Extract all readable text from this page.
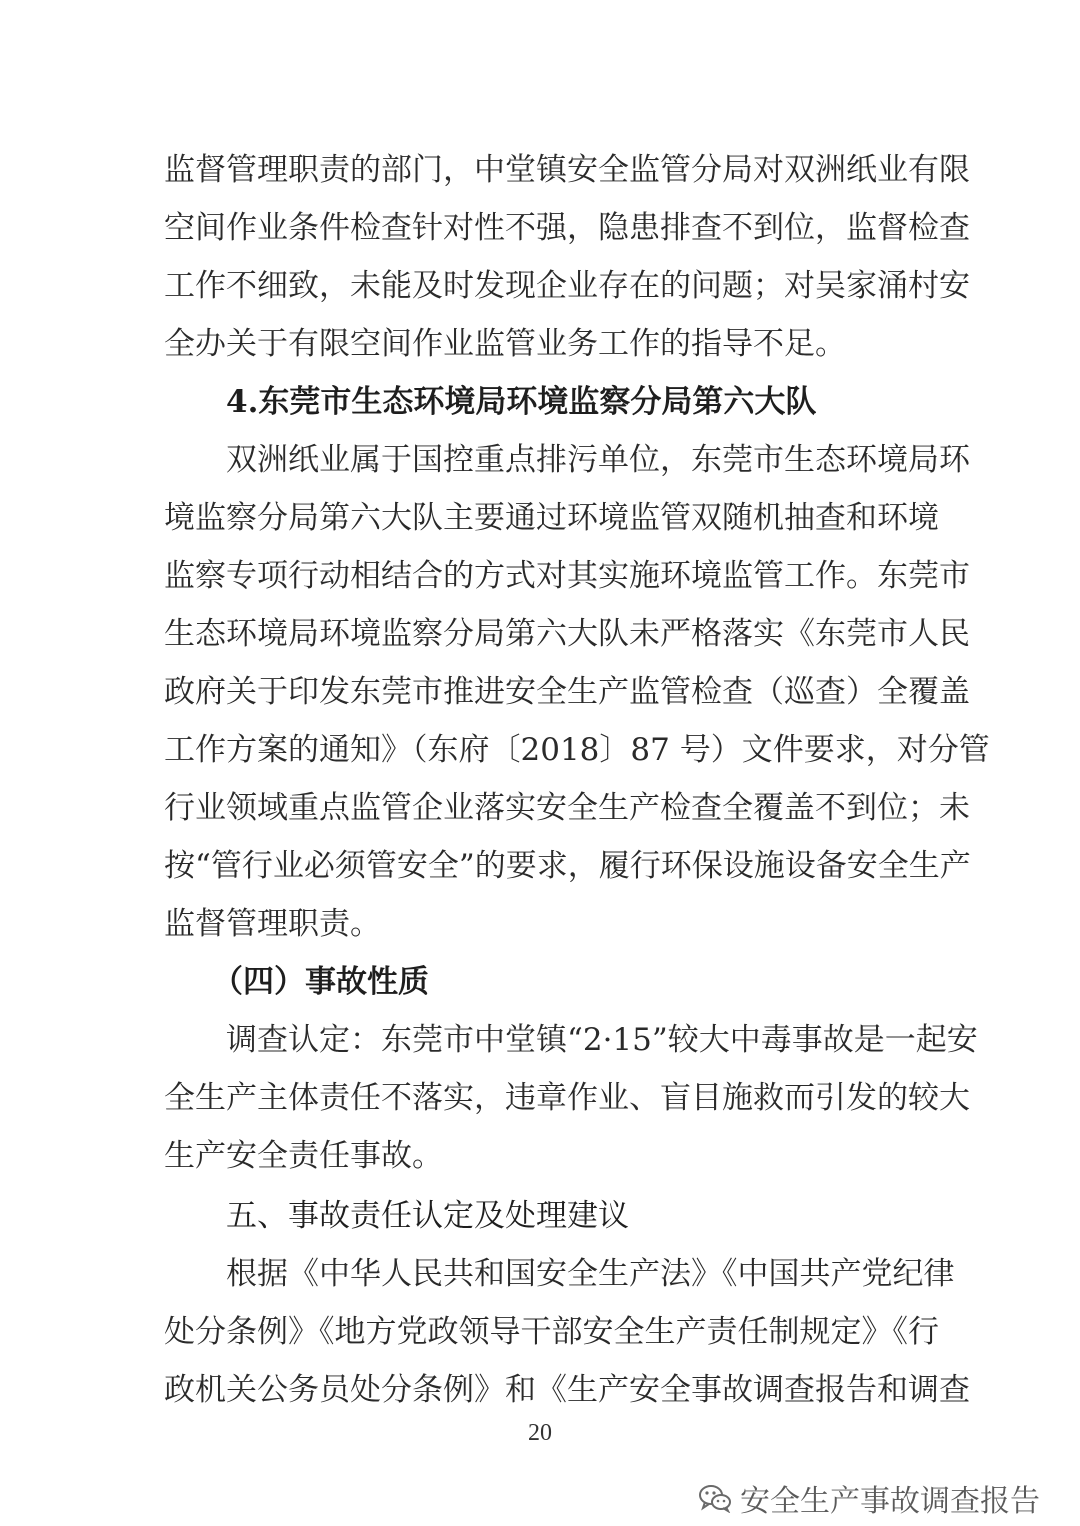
监督管理职责的部门，中堂镇安全监管分局对双洲纸业有限
空间作业条件检查针对性不强，隐患排查不到位，监督检查
工作不细致，未能及时发现企业存在的问题；对吴家涌村安
全办关于有限空间作业监管业务工作的指导不足。
4.东莞市生态环境局环境监察分局第六大队
双洲纸业属于国控重点排污单位，东莞市生态环境局环
境监察分局第六大队主要通过环境监管双随机抽查和环境
监察专项行动相结合的方式对其实施环境监管工作。东莞市
生态环境局环境监察分局第六大队未严格落实《东莞市人民
政府关于印发东莞市推进安全生产监管检查（巡查）全覆盖
工作方案的通知》（东府〔2018〕87 号）文件要求，对分管
行业领域重点监管企业落实安全生产检查全覆盖不到位；未
按“管行业必须管安全”的要求，履行环保设施设备安全生产
监督管理职责。
（四）事故性质
调查认定：东莞市中堂镇“2·15”较大中毒事故是一起安
全生产主体责任不落实，违章作业、盲目施救而引发的较大
生产安全责任事故。
五、事故责任认定及处理建议
根据《中华人民共和国安全生产法》《中国共产党纪律
处分条例》《地方党政领导干部安全生产责任制规定》《行
政机关公务员处分条例》和《生产安全事故调查报告和调查
20
安全生产事故调查报告
